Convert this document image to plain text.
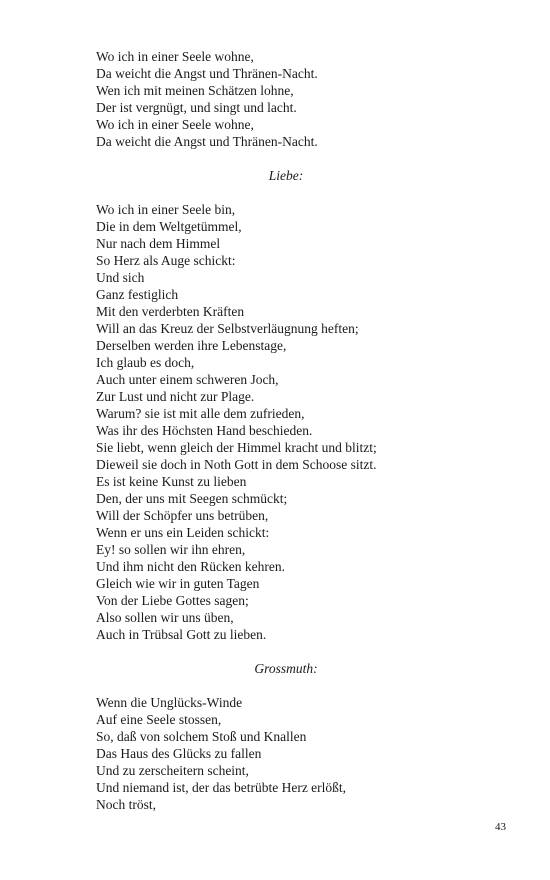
Wo ich in einer Seele wohne,
Da weicht die Angst und Thränen-Nacht.
Wen ich mit meinen Schätzen lohne,
Der ist vergnügt, und singt und lacht.
Wo ich in einer Seele wohne,
Da weicht die Angst und Thränen-Nacht.
Liebe:
Wo ich in einer Seele bin,
Die in dem Weltgetümmel,
Nur nach dem Himmel
So Herz als Auge schickt:
Und sich
Ganz festiglich
Mit den verderbten Kräften
Will an das Kreuz der Selbstverläugnung heften;
Derselben werden ihre Lebenstage,
Ich glaub es doch,
Auch unter einem schweren Joch,
Zur Lust und nicht zur Plage.
Warum? sie ist mit alle dem zufrieden,
Was ihr des Höchsten Hand beschieden.
Sie liebt, wenn gleich der Himmel kracht und blitzt;
Dieweil sie doch in Noth Gott in dem Schoose sitzt.
Es ist keine Kunst zu lieben
Den, der uns mit Seegen schmückt;
Will der Schöpfer uns betrüben,
Wenn er uns ein Leiden schickt:
Ey! so sollen wir ihn ehren,
Und ihm nicht den Rücken kehren.
Gleich wie wir in guten Tagen
Von der Liebe Gottes sagen;
Also sollen wir uns üben,
Auch in Trübsal Gott zu lieben.
Grossmuth:
Wenn die Unglücks-Winde
Auf eine Seele stossen,
So, daß von solchem Stoß und Knallen
Das Haus des Glücks zu fallen
Und zu zerscheitern scheint,
Und niemand ist, der das betrübte Herz erlößt,
Noch tröst,
43
